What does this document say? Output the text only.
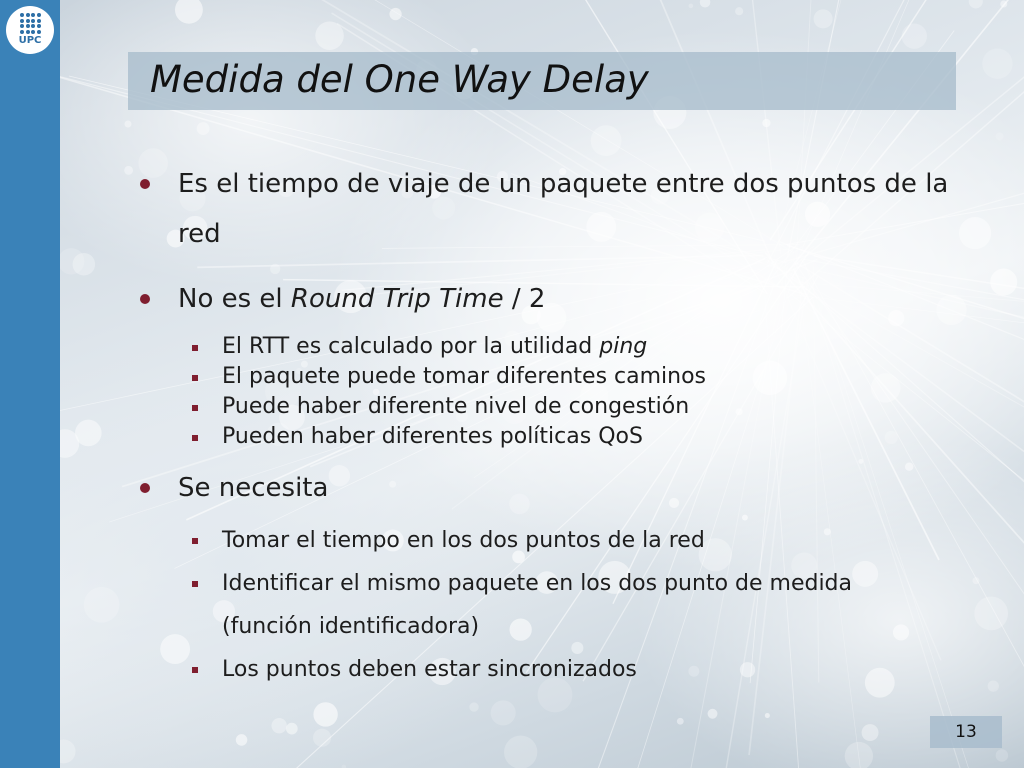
UPC
Medida del One Way Delay
Es el tiempo de viaje de un paquete entre dos puntos de la red
No es el Round Trip Time / 2
El RTT es calculado por la utilidad ping
El paquete puede tomar diferentes caminos
Puede haber diferente nivel de congestión
Pueden haber diferentes políticas QoS
Se necesita
Tomar el tiempo en los dos puntos de la red
Identificar el mismo paquete en los dos punto de medida (función identificadora)
Los puntos deben estar sincronizados
13
